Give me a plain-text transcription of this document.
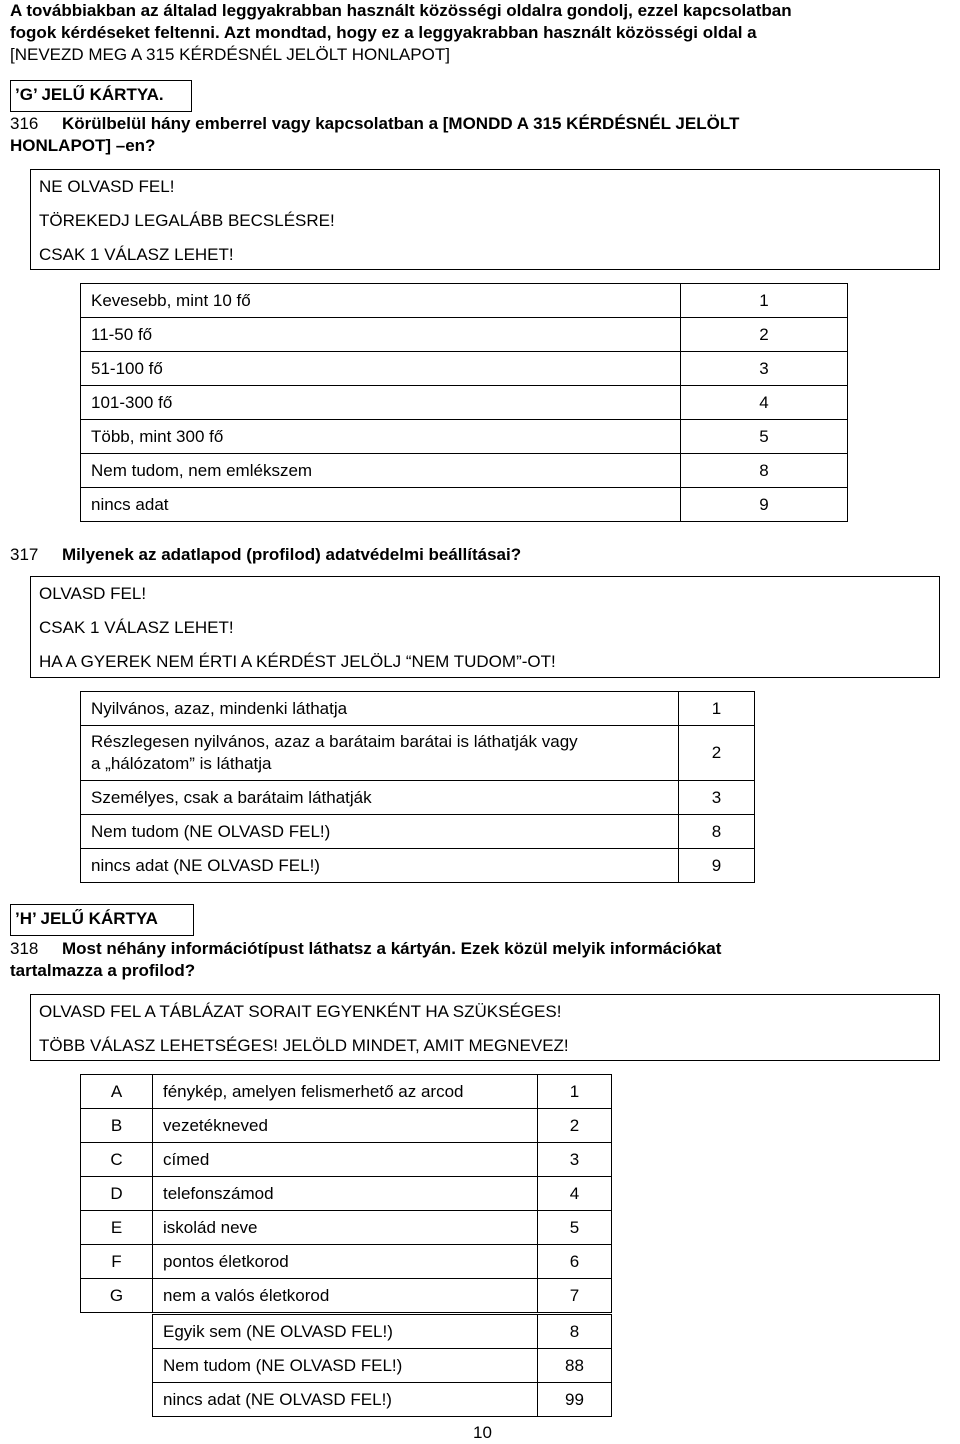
A továbbiakban az általad leggyakrabban használt közösségi oldalra gondolj, ezzel kapcsolatban
fogok kérdéseket feltenni. Azt mondtad, hogy ez a leggyakrabban használt közösségi oldal a
[NEVEZD MEG A 315 KÉRDÉSNÉL JELÖLT HONLAPOT]
’G’ JELŰ KÁRTYA.
316 Körülbelül hány emberrel vagy kapcsolatban a [MONDD A 315 KÉRDÉSNÉL JELÖLT
HONLAPOT] –en?
NE OLVASD FEL!
TÖREKEDJ LEGALÁBB BECSLÉSRE!
CSAK 1 VÁLASZ LEHET!
Kevesebb, mint 10 fő	1
11-50 fő	2
51-100 fő	3
101-300 fő	4
Több, mint 300 fő	5
Nem tudom, nem emlékszem	8
nincs adat	9
317 Milyenek az adatlapod (profilod) adatvédelmi beállításai?
OLVASD FEL!
CSAK 1 VÁLASZ LEHET!
HA A GYEREK NEM ÉRTI A KÉRDÉST JELÖLJ “NEM TUDOM”-OT!
Nyilvános, azaz, mindenki láthatja	1
Részlegesen nyilvános, azaz a barátaim barátai is láthatják vagy
a „hálózatom” is láthatja	2
Személyes, csak a barátaim láthatják	3
Nem tudom (NE OLVASD FEL!)	8
nincs adat (NE OLVASD FEL!)	9
’H’ JELŰ KÁRTYA
318 Most néhány információtípust láthatsz a kártyán. Ezek közül melyik információkat
tartalmazza a profilod?
OLVASD FEL A TÁBLÁZAT SORAIT EGYENKÉNT HA SZÜKSÉGES!
TÖBB VÁLASZ LEHETSÉGES! JELÖLD MINDET, AMIT MEGNEVEZ!
A	fénykép, amelyen felismerhető az arcod	1
B	vezetékneved	2
C	címed	3
D	telefonszámod	4
E	iskolád neve	5
F	pontos életkorod	6
G	nem a valós életkorod	7
Egyik sem (NE OLVASD FEL!)	8
Nem tudom (NE OLVASD FEL!)	88
nincs adat (NE OLVASD FEL!)	99
10
